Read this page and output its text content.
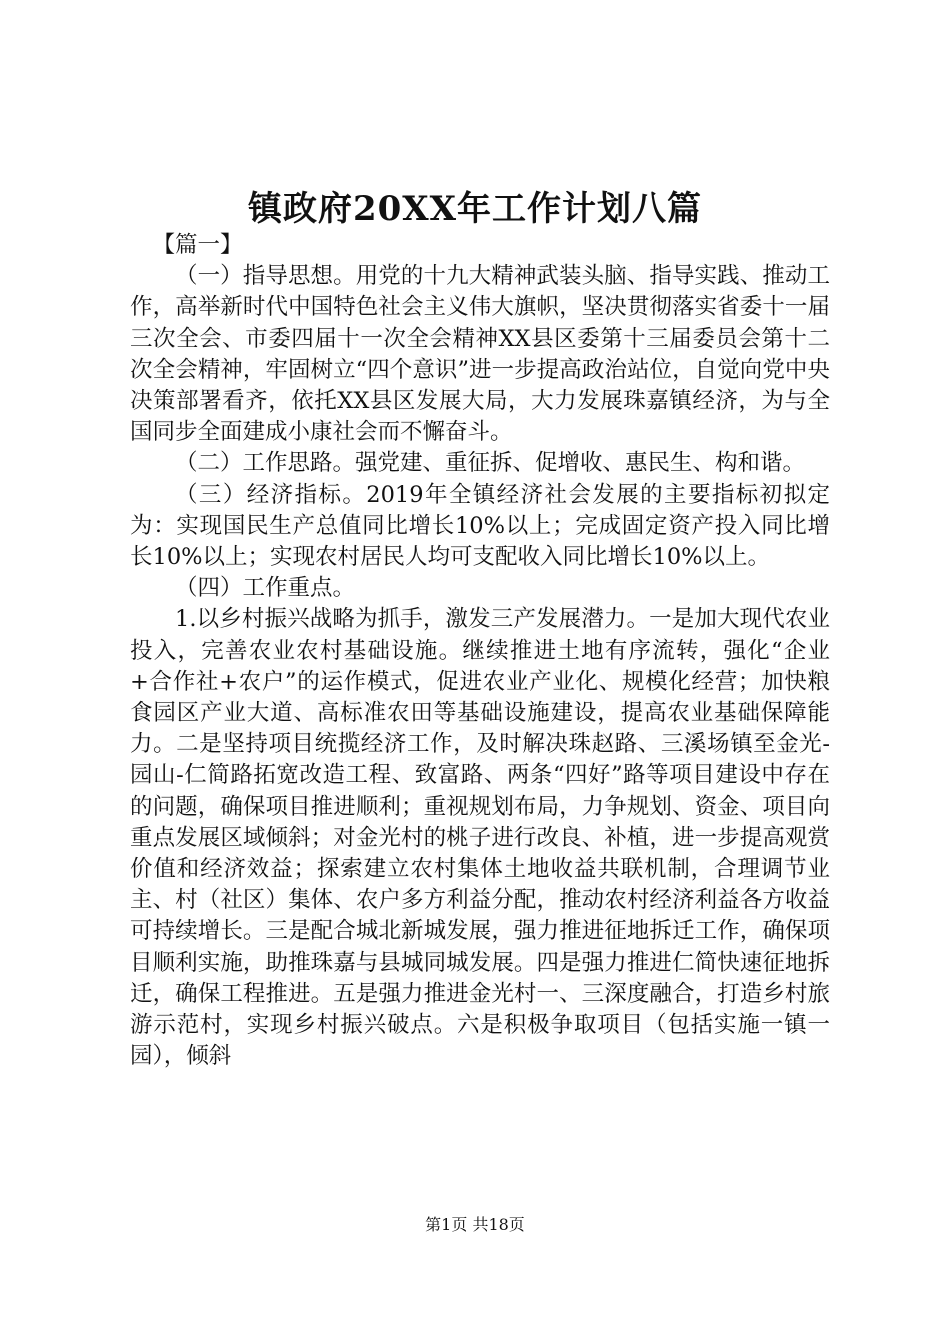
镇政府20XX年工作计划八篇

【篇一】

（一）指导思想。用党的十九大精神武装头脑、指导实践、推动工作，高举新时代中国特色社会主义伟大旗帜，坚决贯彻落实省委十一届三次全会、市委四届十一次全会精神XX县区委第十三届委员会第十二次全会精神，牢固树立“四个意识”进一步提高政治站位，自觉向党中央决策部署看齐，依托XX县区发展大局，大力发展珠嘉镇经济，为与全国同步全面建成小康社会而不懈奋斗。

（二）工作思路。强党建、重征拆、促增收、惠民生、构和谐。

（三）经济指标。2019年全镇经济社会发展的主要指标初拟定为：实现国民生产总值同比增长10%以上；完成固定资产投入同比增长10%以上；实现农村居民人均可支配收入同比增长10%以上。

（四）工作重点。

1.以乡村振兴战略为抓手，激发三产发展潜力。一是加大现代农业投入，完善农业农村基础设施。继续推进土地有序流转，强化“企业+合作社+农户”的运作模式，促进农业产业化、规模化经营；加快粮食园区产业大道、高标准农田等基础设施建设，提高农业基础保障能力。二是坚持项目统揽经济工作，及时解决珠赵路、三溪场镇至金光-园山-仁简路拓宽改造工程、致富路、两条“四好”路等项目建设中存在的问题，确保项目推进顺利；重视规划布局，力争规划、资金、项目向重点发展区域倾斜；对金光村的桃子进行改良、补植，进一步提高观赏价值和经济效益；探索建立农村集体土地收益共联机制，合理调节业主、村（社区）集体、农户多方利益分配，推动农村经济利益各方收益可持续增长。三是配合城北新城发展，强力推进征地拆迁工作，确保项目顺利实施，助推珠嘉与县城同城发展。四是强力推进仁简快速征地拆迁，确保工程推进。五是强力推进金光村一、三深度融合，打造乡村旅游示范村，实现乡村振兴破点。六是积极争取项目（包括实施一镇一园），倾斜

第1页 共18页
